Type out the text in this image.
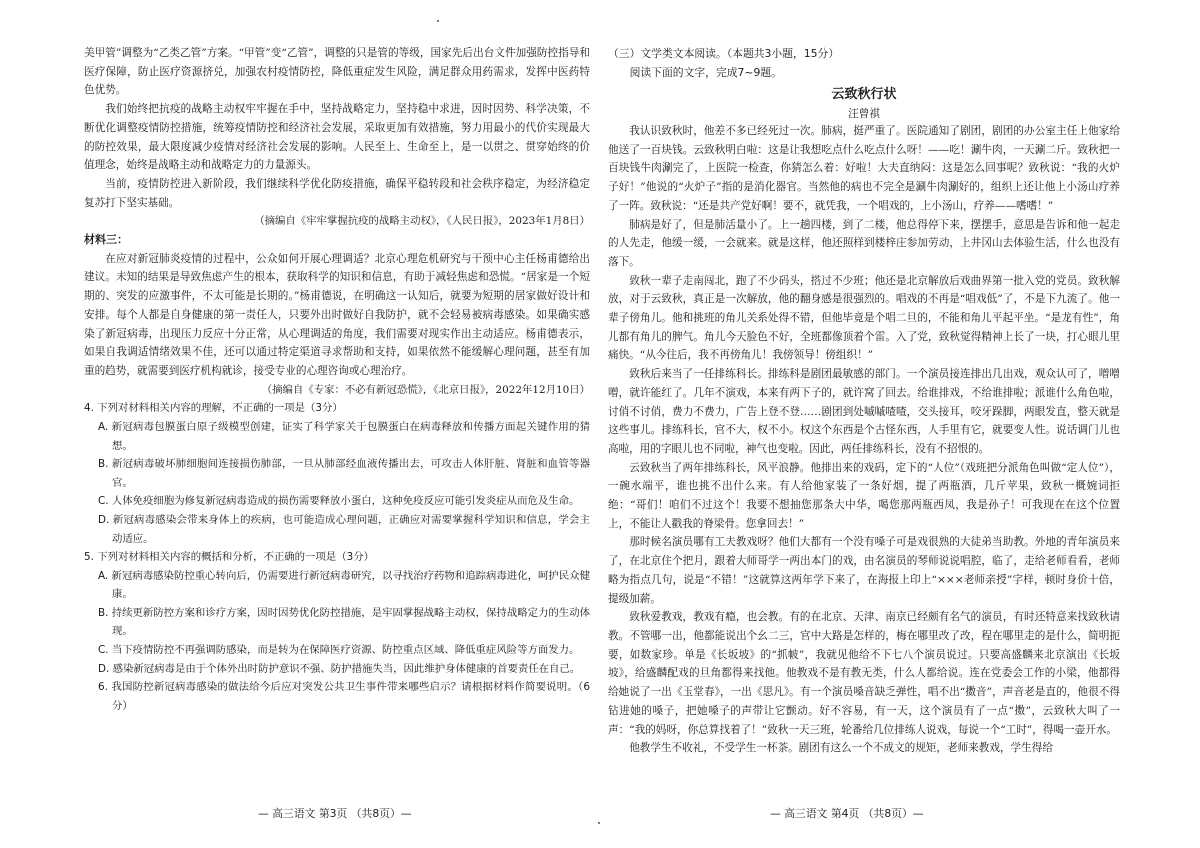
美甲管”调整为“乙类乙管”方案。“甲管”变“乙管”，调整的只是管的等级，国家先后出台文件加强防控指导和医疗保障，防止医疗资源挤兑，加强农村疫情防控，降低重症发生风险，满足群众用药需求，发挥中医药特色优势。

我们始终把抗疫的战略主动权牢牢握在手中，坚持战略定力，坚持稳中求进，因时因势、科学决策，不断优化调整疫情防控措施，统筹疫情防控和经济社会发展，采取更加有效措施，努力用最小的代价实现最大的防控效果，最大限度减少疫情对经济社会发展的影响。人民至上、生命至上，是一以贯之、贯穿始终的价值理念，始终是战略主动和战略定力的力量源头。

当前，疫情防控进入新阶段，我们继续科学优化防疫措施，确保平稳转段和社会秩序稳定，为经济稳定复苏打下坚实基础。

（摘编自《牢牢掌握抗疫的战略主动权》，《人民日报》，2023年1月8日）

材料三：

在应对新冠肺炎疫情的过程中，公众如何开展心理调适？北京心理危机研究与干预中心主任杨甫德给出建议。未知的结果是导致焦虑产生的根本，获取科学的知识和信息，有助于减轻焦虑和恐慌。“居家是一个短期的、突发的应激事件，不太可能是长期的。”杨甫德说，在明确这一认知后，就要为短期的居家做好设计和安排。每个人都是自身健康的第一责任人，只要外出时做好自我防护，就不会轻易被病毒感染。如果确实感染了新冠病毒，出现压力反应十分正常，从心理调适的角度，我们需要对现实作出主动适应。杨甫德表示，如果自我调适情绪效果不佳，还可以通过特定渠道寻求帮助和支持，如果依然不能缓解心理问题，甚至有加重的趋势，就需要到医疗机构就诊，接受专业的心理咨询或心理治疗。

（摘编自《专家：不必有新冠恐慌》，《北京日报》，2022年12月10日）

4. 下列对材料相关内容的理解，不正确的一项是（3分）

A. 新冠病毒包膜蛋白原子级模型创建，证实了科学家关于包膜蛋白在病毒释放和传播方面起关键作用的猜想。

B. 新冠病毒破坏肺细胞间连接损伤肺部，一旦从肺部经血液传播出去，可攻击人体肝脏、肾脏和血管等器官。

C. 人体免疫细胞为修复新冠病毒造成的损伤需要释放小蛋白，这种免疫反应可能引发炎症从而危及生命。

D. 新冠病毒感染会带来身体上的疾病，也可能造成心理问题，正确应对需要掌握科学知识和信息，学会主动适应。

5. 下列对材料相关内容的概括和分析，不正确的一项是（3分）

A. 新冠病毒感染防控重心转向后，仍需要进行新冠病毒研究，以寻找治疗药物和追踪病毒进化，呵护民众健康。

B. 持续更新防控方案和诊疗方案，因时因势优化防控措施，是牢固掌握战略主动权，保持战略定力的生动体现。

C. 当下疫情防控不再强调防感染，而是转为在保障医疗资源、防控重点区域、降低重症风险等方面发力。

D. 感染新冠病毒是由于个体外出时防护意识不强、防护措施失当，因此维护身体健康的首要责任在自己。

6. 我国防控新冠病毒感染的做法给今后应对突发公共卫生事件带来哪些启示？请根据材料作简要说明。（6分）

（三）文学类文本阅读。（本题共3小题，15分）

阅读下面的文字，完成7~9题。

云致秋行状

汪曾祺

我认识致秋时，他差不多已经死过一次。肺病，挺严重了。医院通知了剧团，剧团的办公室主任上他家给他送了一百块钱。云致秋明白啦：这是让我想吃点什么吃点什么呀！——吃！涮牛肉，一天涮二斤。致秋把一百块钱牛肉涮完了，上医院一检查，你猜怎么着：好啦！大夫直纳闷：这是怎么回事呢？致秋说：“我的火炉子好！”他说的“火炉子”指的是消化器官。当然他的病也不完全是涮牛肉涮好的，组织上还让他上小汤山疗养了一阵。致秋说：“还是共产党好啊！要不，就凭我，一个唱戏的，上小汤山，疗养——嗜嗜！”

肺病是好了，但是肺活量小了。上一趟四楼，到了二楼，他总得停下来，摆摆手，意思是告诉和他一起走的人先走，他缓一缓，一会就来。就是这样，他还照样到楼梓庄参加劳动，上井冈山去体验生活，什么也没有落下。

致秋一辈子走南闯北，跑了不少码头，搭过不少班；他还是北京解放后戏曲界第一批入党的党员。致秋解放，对于云致秋，真正是一次解放，他的翻身感是很强烈的。唱戏的不再是“唱戏低”了，不是下九流了。他一辈子傍角儿。他和挑班的角儿关系处得不错，但他毕竟是个唱二旦的，不能和角儿平起平坐。“是龙有性”，角儿都有角儿的脾气。角儿今天脸色不好，全班都像顶着个雷。入了党，致秋觉得精神上长了一块，打心眼儿里痛快。“从今往后，我不再傍角儿！我傍领导！傍组织！”

致秋后来当了一任排练科长。排练科是剧团最敏感的部门。一个演员接连排出几出戏，观众认可了，噌噌噌，就许能红了。几年不演戏，本来有两下子的，就许窝了回去。给谁排戏，不给谁排啦；派谁什么角色啦，讨俏不讨俏，费力不费力，广告上登不登……剧团到处嘁嘁喳喳，交头接耳，咬牙跺脚，两眼发直，整天就是这些事儿。排练科长，官不大，权不小。权这个东西是个古怪东西，人手里有它，就要变人性。说话调门儿也高啦，用的字眼儿也不同啦，神气也变啦。因此，两任排练科长，没有不招恨的。

云致秋当了两年排练科长，风平浪静。他排出来的戏码，定下的“人位”（戏班把分派角色叫做“定人位”），一碗水端平，谁也挑不出什么来。有人给他家装了一条好烟，提了两瓶酒，几斤苹果，致秋一概婉词拒绝：“哥们！咱们不过这个！我要不想抽您那条大中华，喝您那两瓶西凤，我是孙子！可我现在在这个位置上，不能让人戳我的脊梁骨。您拿回去！”

那时候名演员哪有工夫教戏呀？他们大都有一个没有嗓子可是戏很熟的大徒弟当助教。外地的青年演员来了，在北京住个把月，跟着大师哥学一两出本门的戏，由名演员的琴师说说唱腔，临了，走给老师看看，老师略为指点几句，说是“不错！”这就算这两年学下来了，在海报上印上“×××老师亲授”字样，顿时身价十倍，提级加薪。

致秋爱教戏，教戏有瘾，也会教。有的在北京、天津、南京已经颇有名气的演员，有时还特意来找致秋请教。不管哪一出，他都能说出个幺二三，官中大路是怎样的，梅在哪里改了改，程在哪里走的是什么，简明扼要，如数家珍。单是《长坂坡》的“抓帔”，我就见他给不下七八个演员说过。只要高盛麟来北京演出《长坂坡》，给盛麟配戏的旦角都得来找他。他教戏不是有教无类，什么人都给说。连在党委会工作的小梁，他都得给她说了一出《玉堂春》，一出《思凡》。有一个演员嗓音缺乏弹性，唱不出“擞音”，声音老是直的，他很不得钻进她的嗓子，把她嗓子的声带让它颤动。好不容易，有一天，这个演员有了一点“擞”，云致秋大叫了一声：“我的妈呀，你总算找着了！”致秋一天三班，轮番给几位排练人说戏，每说一个“工时”，得喝一壶开水。

他教学生不收礼，不受学生一杯茶。剧团有这么一个不成文的规矩，老师来教戏，学生得给

— 高三语文 第3页 （共8页）—	— 高三语文 第4页 （共8页）—
